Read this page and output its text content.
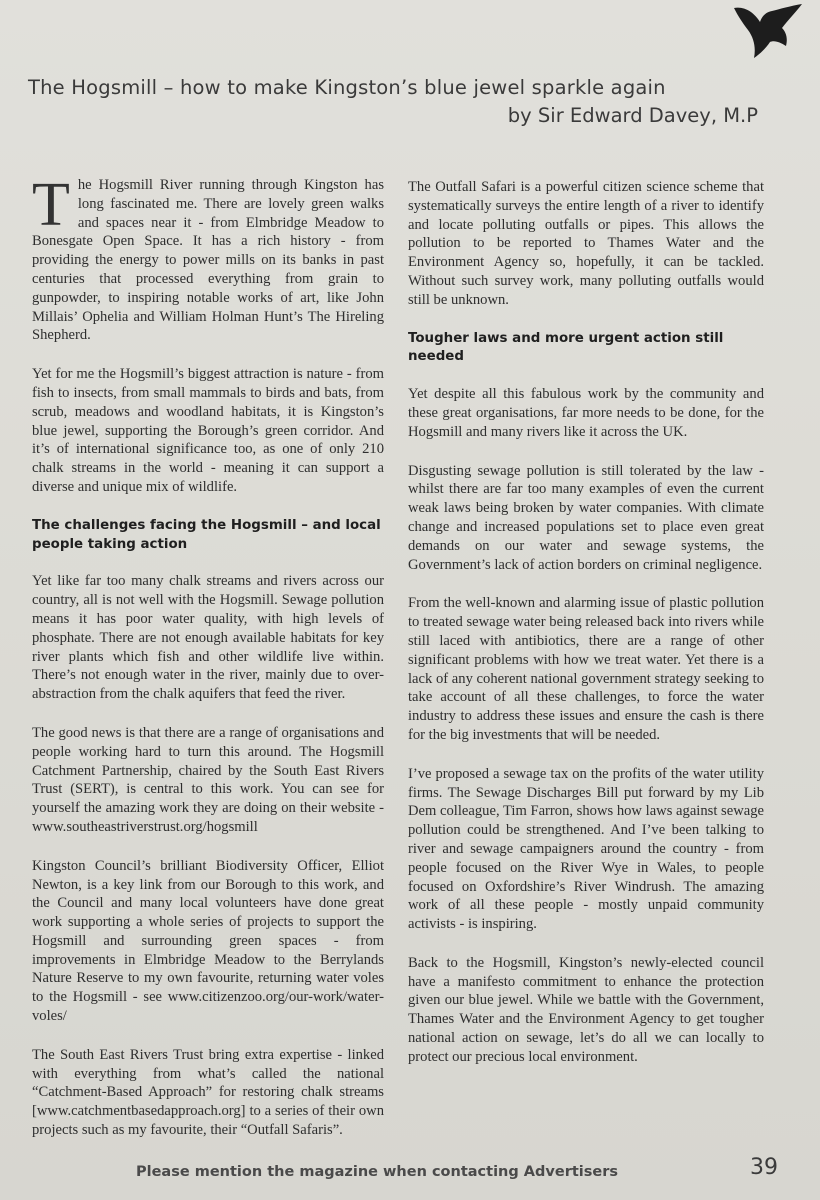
The Hogsmill – how to make Kingston’s blue jewel sparkle again
by Sir Edward Davey, M.P

The Hogsmill River running through Kingston has long fascinated me. There are lovely green walks and spaces near it - from Elmbridge Meadow to Bonesgate Open Space. It has a rich history - from providing the energy to power mills on its banks in past centuries that processed everything from grain to gunpowder, to inspiring notable works of art, like John Millais’ Ophelia and William Holman Hunt’s The Hireling Shepherd.

Yet for me the Hogsmill’s biggest attraction is nature - from fish to insects, from small mammals to birds and bats, from scrub, meadows and woodland habitats, it is Kingston’s blue jewel, supporting the Borough’s green corridor. And it’s of international significance too, as one of only 210 chalk streams in the world - meaning it can support a diverse and unique mix of wildlife.

The challenges facing the Hogsmill – and local people taking action

Yet like far too many chalk streams and rivers across our country, all is not well with the Hogsmill. Sewage pollution means it has poor water quality, with high levels of phosphate. There are not enough available habitats for key river plants which fish and other wildlife live within. There’s not enough water in the river, mainly due to over-abstraction from the chalk aquifers that feed the river.

The good news is that there are a range of organisations and people working hard to turn this around. The Hogsmill Catchment Partnership, chaired by the South East Rivers Trust (SERT), is central to this work. You can see for yourself the amazing work they are doing on their website - www.southeastriverstrust.org/hogsmill

Kingston Council’s brilliant Biodiversity Officer, Elliot Newton, is a key link from our Borough to this work, and the Council and many local volunteers have done great work supporting a whole series of projects to support the Hogsmill and surrounding green spaces - from improvements in Elmbridge Meadow to the Berrylands Nature Reserve to my own favourite, returning water voles to the Hogsmill - see www.citizenzoo.org/our-work/water-voles/

The South East Rivers Trust bring extra expertise - linked with everything from what’s called the national “Catchment-Based Approach” for restoring chalk streams [www.catchmentbasedapproach.org] to a series of their own projects such as my favourite, their “Outfall Safaris”.

The Outfall Safari is a powerful citizen science scheme that systematically surveys the entire length of a river to identify and locate polluting outfalls or pipes. This allows the pollution to be reported to Thames Water and the Environment Agency so, hopefully, it can be tackled. Without such survey work, many polluting outfalls would still be unknown.

Tougher laws and more urgent action still needed

Yet despite all this fabulous work by the community and these great organisations, far more needs to be done, for the Hogsmill and many rivers like it across the UK.

Disgusting sewage pollution is still tolerated by the law - whilst there are far too many examples of even the current weak laws being broken by water companies. With climate change and increased populations set to place even great demands on our water and sewage systems, the Government’s lack of action borders on criminal negligence.

From the well-known and alarming issue of plastic pollution to treated sewage water being released back into rivers while still laced with antibiotics, there are a range of other significant problems with how we treat water. Yet there is a lack of any coherent national government strategy seeking to take account of all these challenges, to force the water industry to address these issues and ensure the cash is there for the big investments that will be needed.

I’ve proposed a sewage tax on the profits of the water utility firms. The Sewage Discharges Bill put forward by my Lib Dem colleague, Tim Farron, shows how laws against sewage pollution could be strengthened. And I’ve been talking to river and sewage campaigners around the country - from people focused on the River Wye in Wales, to people focused on Oxfordshire’s River Windrush. The amazing work of all these people - mostly unpaid community activists - is inspiring.

Back to the Hogsmill, Kingston’s newly-elected council have a manifesto commitment to enhance the protection given our blue jewel. While we battle with the Government, Thames Water and the Environment Agency to get tougher national action on sewage, let’s do all we can locally to protect our precious local environment.

Please mention the magazine when contacting Advertisers	39
